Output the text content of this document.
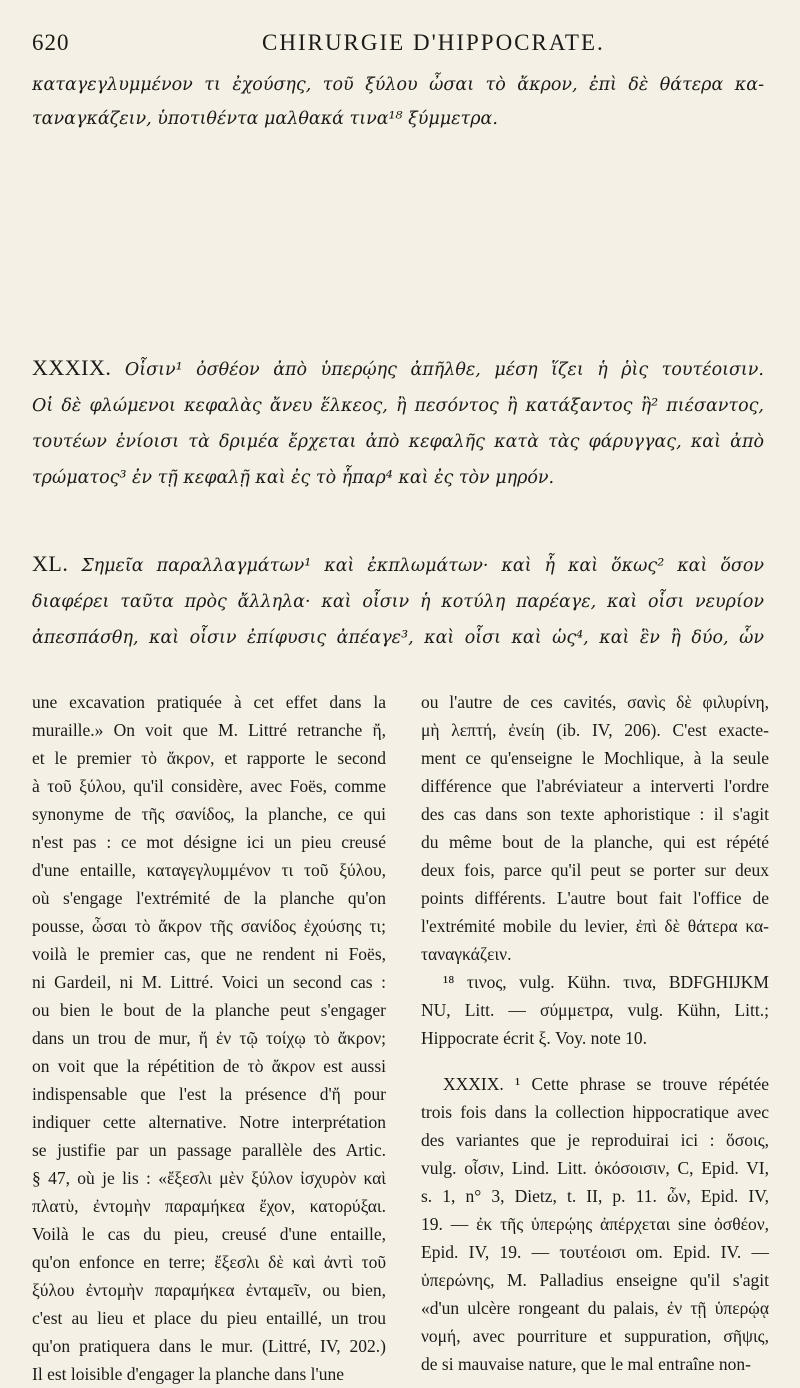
620	CHIRURGIE D'HIPPOCRATE.
καταγεγλυμμένον τι ἐχούσης, τοῦ ξύλου ὦσαι τὸ ἄκρον, ἐπὶ δὲ θάτερα κα-
ταναγκάζειν, ὑποτιθέντα μαλθακά τινα¹⁸ ξύμμετρα.
XXXIX. Οἷσιν¹ ὀσθέον ἀπὸ ὑπερῴης ἀπῆλθε, μέση ἵζει ἡ ῥὶς τουτέοισιν.
Οἱ δὲ φλώμενοι κεφαλὰς ἄνευ ἕλκεος, ἢ πεσόντος ἢ κατάξαντος ἢ² πιέσαντος,
τουτέων ἐνίοισι τὰ δριμέα ἔρχεται ἀπὸ κεφαλῆς κατὰ τὰς φάρυγγας, καὶ ἀπὸ
τρώματος³ ἐν τῇ κεφαλῇ καὶ ἐς τὸ ἧπαρ⁴ καὶ ἐς τὸν μηρόν.
XL. Σημεῖα παραλλαγμάτων¹ καὶ ἐκπλωμάτων· καὶ ἧ καὶ ὅκως² καὶ ὅσον
διαφέρει ταῦτα πρὸς ἄλληλα· καὶ οἷσιν ἡ κοτύλη παρέαγε, καὶ οἷσι νευρίον
ἀπεσπάσθη, καὶ οἷσιν ἐπίφυσις ἀπέαγε³, καὶ οἷσι καὶ ὡς⁴, καὶ ἓν ἢ δύο, ὧν
une excavation pratiquée à cet effet dans la
muraille.» On voit que M. Littré retranche ἤ,
et le premier τὸ ἄκρον, et rapporte le second
à τοῦ ξύλου, qu'il considère, avec Foës, comme
synonyme de τῆς σανίδος, la planche, ce qui
n'est pas : ce mot désigne ici un pieu creusé
d'une entaille, καταγεγλυμμένον τι τοῦ ξύλου,
où s'engage l'extrémité de la planche qu'on
pousse, ὦσαι τὸ ἄκρον τῆς σανίδος ἐχούσης τι;
voilà le premier cas, que ne rendent ni Foës,
ni Gardeil, ni M. Littré. Voici un second cas :
ou bien le bout de la planche peut s'engager
dans un trou de mur, ἤ ἐν τῷ τοίχῳ τὸ ἄκρον;
on voit que la répétition de τὸ ἄκρον est aussi
indispensable que l'est la présence d'ἤ pour
indiquer cette alternative. Notre interprétation
se justifie par un passage parallèle des Artic.
§ 47, où je lis : «ἔξεσλι μὲν ξύλον ἰσχυρὸν καὶ
πλατὺ, ἐντομὴν παραμήκεα ἔχον, κατορύξαι.
Voilà le cas du pieu, creusé d'une entaille,
qu'on enfonce en terre; ἔξεσλι δὲ καὶ ἀντὶ τοῦ
ξύλου ἐντομὴν παραμήκεα ἐνταμεῖν, ou bien,
c'est au lieu et place du pieu entaillé, un trou
qu'on pratiquera dans le mur. (Littré, IV, 202.)
Il est loisible d'engager la planche dans l'une
ou l'autre de ces cavités, σανὶς δὲ φιλυρίνη,
μὴ λεπτή, ἐνείη (ib. IV, 206). C'est exacte-
ment ce qu'enseigne le Mochlique, à la seule
différence que l'abréviateur a interverti l'ordre
des cas dans son texte aphoristique : il s'agit
du même bout de la planche, qui est répété
deux fois, parce qu'il peut se porter sur deux
points différents. L'autre bout fait l'office de
l'extrémité mobile du levier, ἐπὶ δὲ θάτερα κα-
ταναγκάζειν.
¹⁸ τινος, vulg. Kühn. τινα, BDFGHIJKM
NU, Litt. — σύμμετρα, vulg. Kühn, Litt.;
Hippocrate écrit ξ. Voy. note 10.
XXXIX. ¹ Cette phrase se trouve répétée
trois fois dans la collection hippocratique avec
des variantes que je reproduirai ici : ὅσοις,
vulg. οἷσιν, Lind. Litt. ὁκόσοισιν, C, Epid. VI,
s. 1, n° 3, Dietz, t. II, p. 11. ὧν, Epid. IV,
19. — ἐκ τῆς ὑπερῴης ἀπέρχεται sine ὀσθέον,
Epid. IV, 19. — τουτέοισι om. Epid. IV. —
ὑπερώνης, M. Palladius enseigne qu'il s'agit
«d'un ulcère rongeant du palais, ἐν τῇ ὑπερῴᾳ
νομή, avec pourriture et suppuration, σῆψις,
de si mauvaise nature, que le mal entraîne non-
